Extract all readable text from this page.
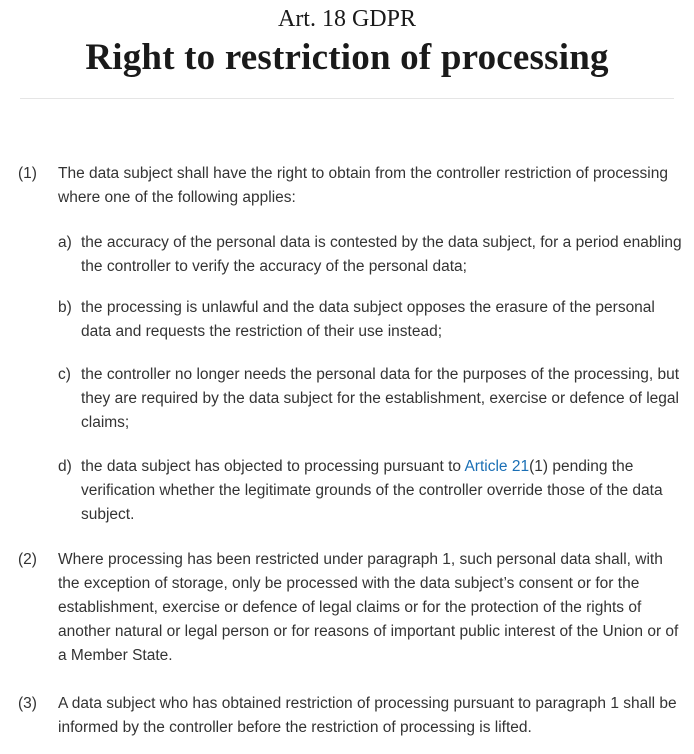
Art. 18 GDPR
Right to restriction of processing
(1) The data subject shall have the right to obtain from the controller restriction of processing where one of the following applies:
a) the accuracy of the personal data is contested by the data subject, for a period enabling the controller to verify the accuracy of the personal data;
b) the processing is unlawful and the data subject opposes the erasure of the personal data and requests the restriction of their use instead;
c) the controller no longer needs the personal data for the purposes of the processing, but they are required by the data subject for the establishment, exercise or defence of legal claims;
d) the data subject has objected to processing pursuant to Article 21(1) pending the verification whether the legitimate grounds of the controller override those of the data subject.
(2) Where processing has been restricted under paragraph 1, such personal data shall, with the exception of storage, only be processed with the data subject’s consent or for the establishment, exercise or defence of legal claims or for the protection of the rights of another natural or legal person or for reasons of important public interest of the Union or of a Member State.
(3) A data subject who has obtained restriction of processing pursuant to paragraph 1 shall be informed by the controller before the restriction of processing is lifted.
